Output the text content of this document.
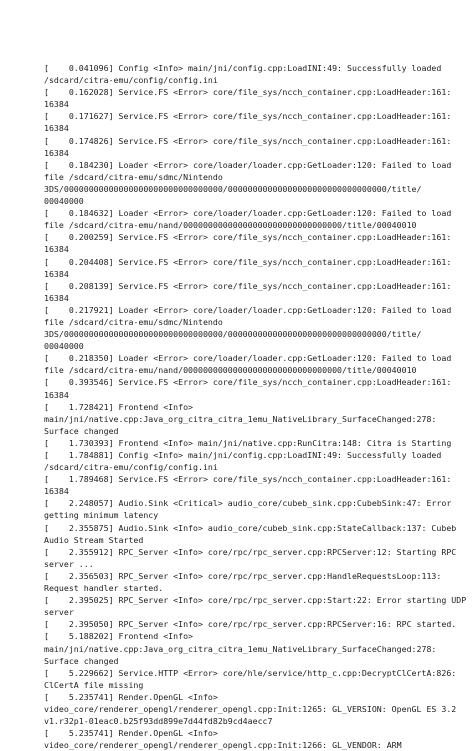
[    0.041096] Config <Info> main/jni/config.cpp:LoadINI:49: Successfully loaded
/sdcard/citra-emu/config/config.ini
[    0.162028] Service.FS <Error> core/file_sys/ncch_container.cpp:LoadHeader:161:
16384
[    0.171627] Service.FS <Error> core/file_sys/ncch_container.cpp:LoadHeader:161:
16384
[    0.174826] Service.FS <Error> core/file_sys/ncch_container.cpp:LoadHeader:161:
16384
[    0.184230] Loader <Error> core/loader/loader.cpp:GetLoader:120: Failed to load
file /sdcard/citra-emu/sdmc/Nintendo
3DS/00000000000000000000000000000000/00000000000000000000000000000000/title/
00040000
[    0.184632] Loader <Error> core/loader/loader.cpp:GetLoader:120: Failed to load
file /sdcard/citra-emu/nand/00000000000000000000000000000000/title/00040010
[    0.200259] Service.FS <Error> core/file_sys/ncch_container.cpp:LoadHeader:161:
16384
[    0.204408] Service.FS <Error> core/file_sys/ncch_container.cpp:LoadHeader:161:
16384
[    0.208139] Service.FS <Error> core/file_sys/ncch_container.cpp:LoadHeader:161:
16384
[    0.217921] Loader <Error> core/loader/loader.cpp:GetLoader:120: Failed to load
file /sdcard/citra-emu/sdmc/Nintendo
3DS/00000000000000000000000000000000/00000000000000000000000000000000/title/
00040000
[    0.218350] Loader <Error> core/loader/loader.cpp:GetLoader:120: Failed to load
file /sdcard/citra-emu/nand/00000000000000000000000000000000/title/00040010
[    0.393546] Service.FS <Error> core/file_sys/ncch_container.cpp:LoadHeader:161:
16384
[    1.728421] Frontend <Info>
main/jni/native.cpp:Java_org_citra_citra_1emu_NativeLibrary_SurfaceChanged:278:
Surface changed
[    1.730393] Frontend <Info> main/jni/native.cpp:RunCitra:148: Citra is Starting
[    1.784881] Config <Info> main/jni/config.cpp:LoadINI:49: Successfully loaded
/sdcard/citra-emu/config/config.ini
[    1.789468] Service.FS <Error> core/file_sys/ncch_container.cpp:LoadHeader:161:
16384
[    2.248057] Audio.Sink <Critical> audio_core/cubeb_sink.cpp:CubebSink:47: Error
getting minimum latency
[    2.355875] Audio.Sink <Info> audio_core/cubeb_sink.cpp:StateCallback:137: Cubeb
Audio Stream Started
[    2.355912] RPC_Server <Info> core/rpc/rpc_server.cpp:RPCServer:12: Starting RPC
server ...
[    2.356503] RPC_Server <Info> core/rpc/rpc_server.cpp:HandleRequestsLoop:113:
Request handler started.
[    2.395025] RPC_Server <Info> core/rpc/rpc_server.cpp:Start:22: Error starting UDP
server
[    2.395050] RPC_Server <Info> core/rpc/rpc_server.cpp:RPCServer:16: RPC started.
[    5.188202] Frontend <Info>
main/jni/native.cpp:Java_org_citra_citra_1emu_NativeLibrary_SurfaceChanged:278:
Surface changed
[    5.229662] Service.HTTP <Error> core/hle/service/http_c.cpp:DecryptClCertA:826:
ClCertA file missing
[    5.235741] Render.OpenGL <Info>
video_core/renderer_opengl/renderer_opengl.cpp:Init:1265: GL_VERSION: OpenGL ES 3.2
v1.r32p1-01eac0.b25f93dd899e7d44fd82b9cd4aecc7
[    5.235741] Render.OpenGL <Info>
video_core/renderer_opengl/renderer_opengl.cpp:Init:1266: GL_VENDOR: ARM
